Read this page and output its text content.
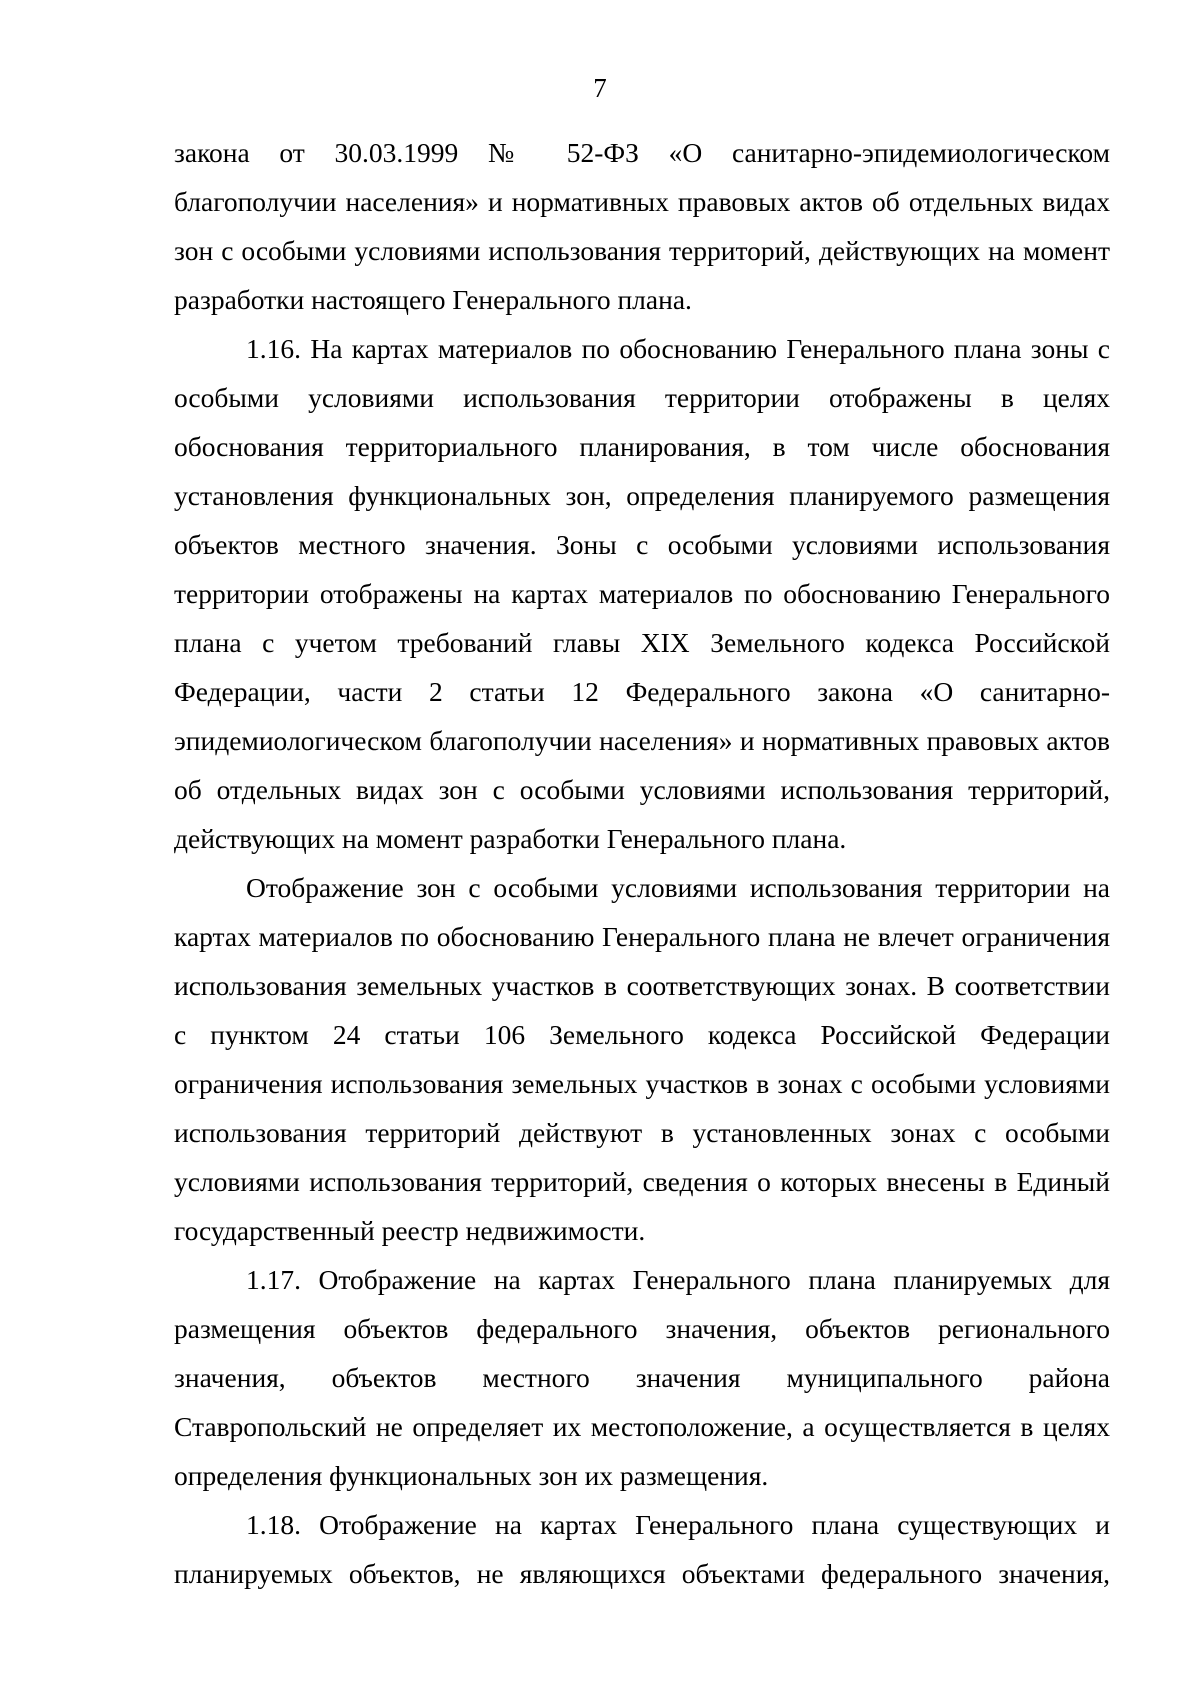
7

закона от 30.03.1999 № 52-ФЗ «О санитарно-эпидемиологическом благополучии населения» и нормативных правовых актов об отдельных видах зон с особыми условиями использования территорий, действующих на момент разработки настоящего Генерального плана.

1.16. На картах материалов по обоснованию Генерального плана зоны с особыми условиями использования территории отображены в целях обоснования территориального планирования, в том числе обоснования установления функциональных зон, определения планируемого размещения объектов местного значения. Зоны с особыми условиями использования территории отображены на картах материалов по обоснованию Генерального плана с учетом требований главы XIX Земельного кодекса Российской Федерации, части 2 статьи 12 Федерального закона «О санитарно-эпидемиологическом благополучии населения» и нормативных правовых актов об отдельных видах зон с особыми условиями использования территорий, действующих на момент разработки Генерального плана.

Отображение зон с особыми условиями использования территории на картах материалов по обоснованию Генерального плана не влечет ограничения использования земельных участков в соответствующих зонах. В соответствии с пунктом 24 статьи 106 Земельного кодекса Российской Федерации ограничения использования земельных участков в зонах с особыми условиями использования территорий действуют в установленных зонах с особыми условиями использования территорий, сведения о которых внесены в Единый государственный реестр недвижимости.

1.17. Отображение на картах Генерального плана планируемых для размещения объектов федерального значения, объектов регионального значения, объектов местного значения муниципального района Ставропольский не определяет их местоположение, а осуществляется в целях определения функциональных зон их размещения.

1.18. Отображение на картах Генерального плана существующих и планируемых объектов, не являющихся объектами федерального значения,
